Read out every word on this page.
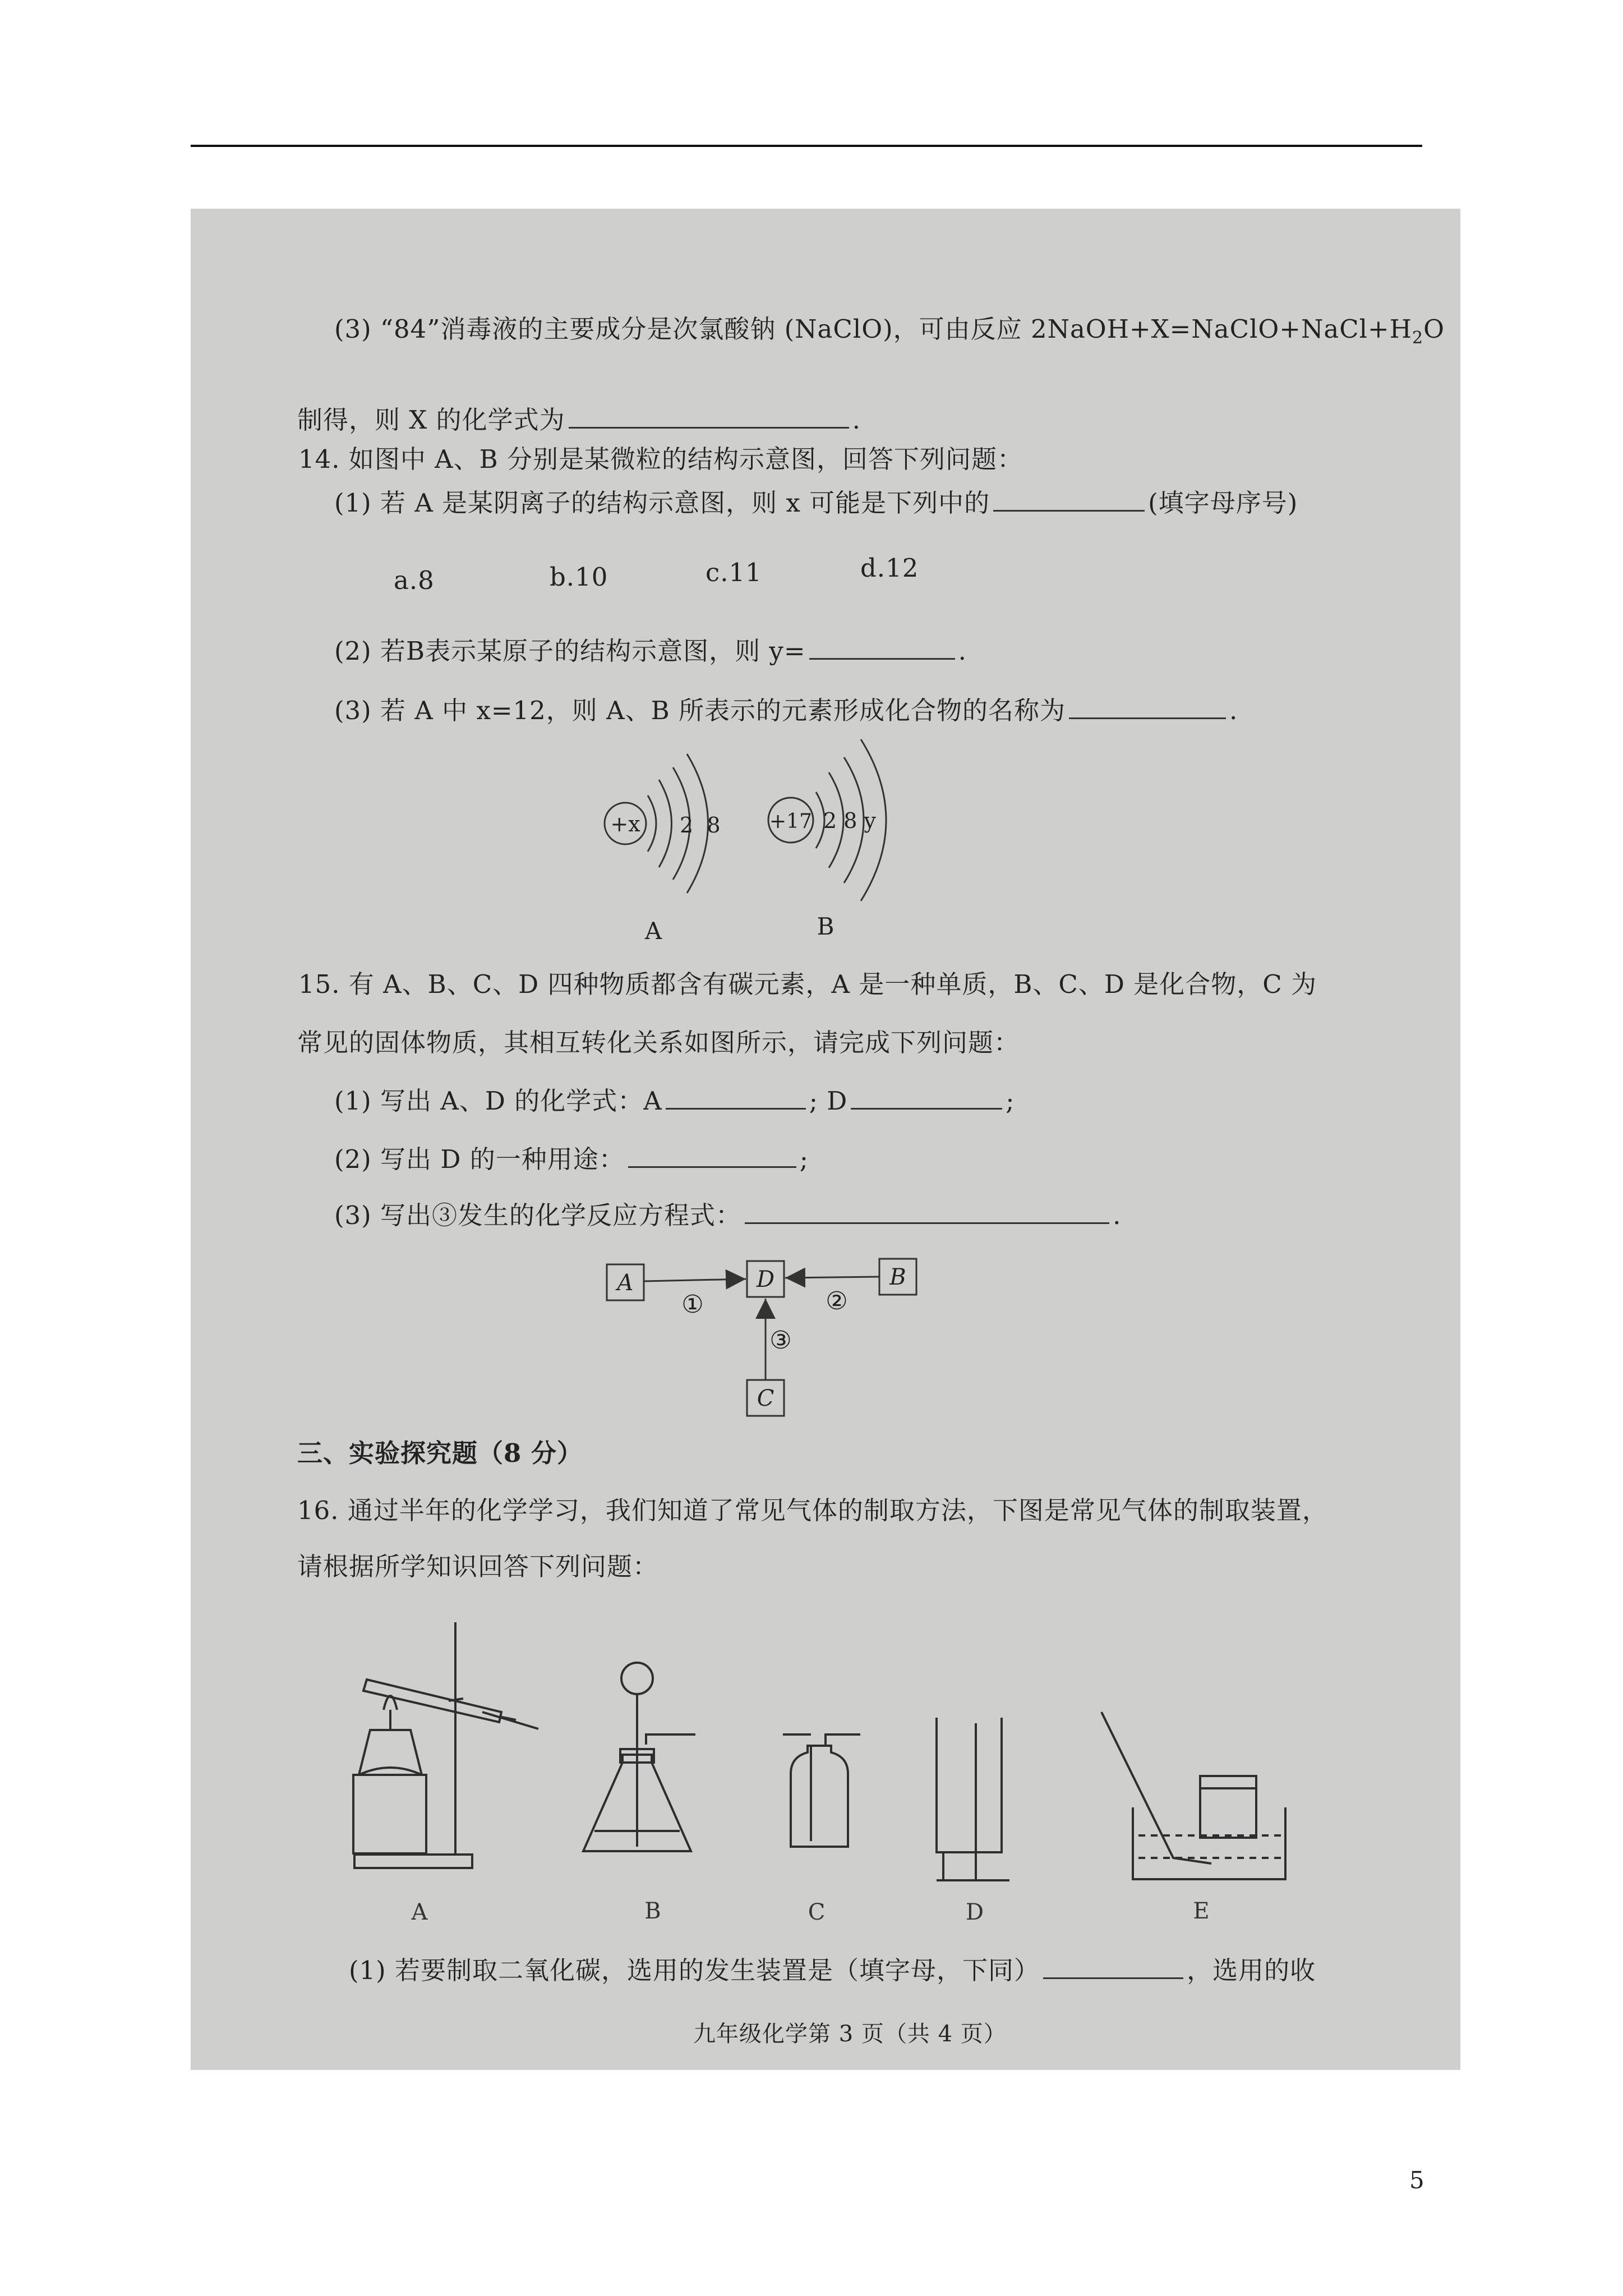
(3) “84”消毒液的主要成分是次氯酸钠 (NaClO)，可由反应 $2NaOH+X=NaClO+NaCl+H_2O$
制得，则 X 的化学式为	.
14. 如图中 A、B 分别是某微粒的结构示意图，回答下列问题：
(1) 若 A 是某阴离子的结构示意图，则 x 可能是下列中的	(填字母序号)
a.8	b.10	c.11	d.12
(2) 若B表示某原子的结构示意图，则 y=	.
(3) 若 A 中 x=12，则 A、B 所表示的元素形成化合物的名称为	.
+x 2  8
A
+17 2 8 y
B
15. 有 A、B、C、D 四种物质都含有碳元素，A 是一种单质，B、C、D 是化合物，C 为
常见的固体物质，其相互转化关系如图所示，请完成下列问题：
(1) 写出 A、D 的化学式：A	; D	;
(2) 写出 D 的一种用途：	;
(3) 写出③发生的化学反应方程式：	.
A	D	B
C
①	②
③
三、实验探究题（8 分）
16. 通过半年的化学学习，我们知道了常见气体的制取方法，下图是常见气体的制取装置，
请根据所学知识回答下列问题：
A	B	C	D	E
(1) 若要制取二氧化碳，选用的发生装置是（填字母，下同）	，选用的收
九年级化学第 3 页（共 4 页）
5
